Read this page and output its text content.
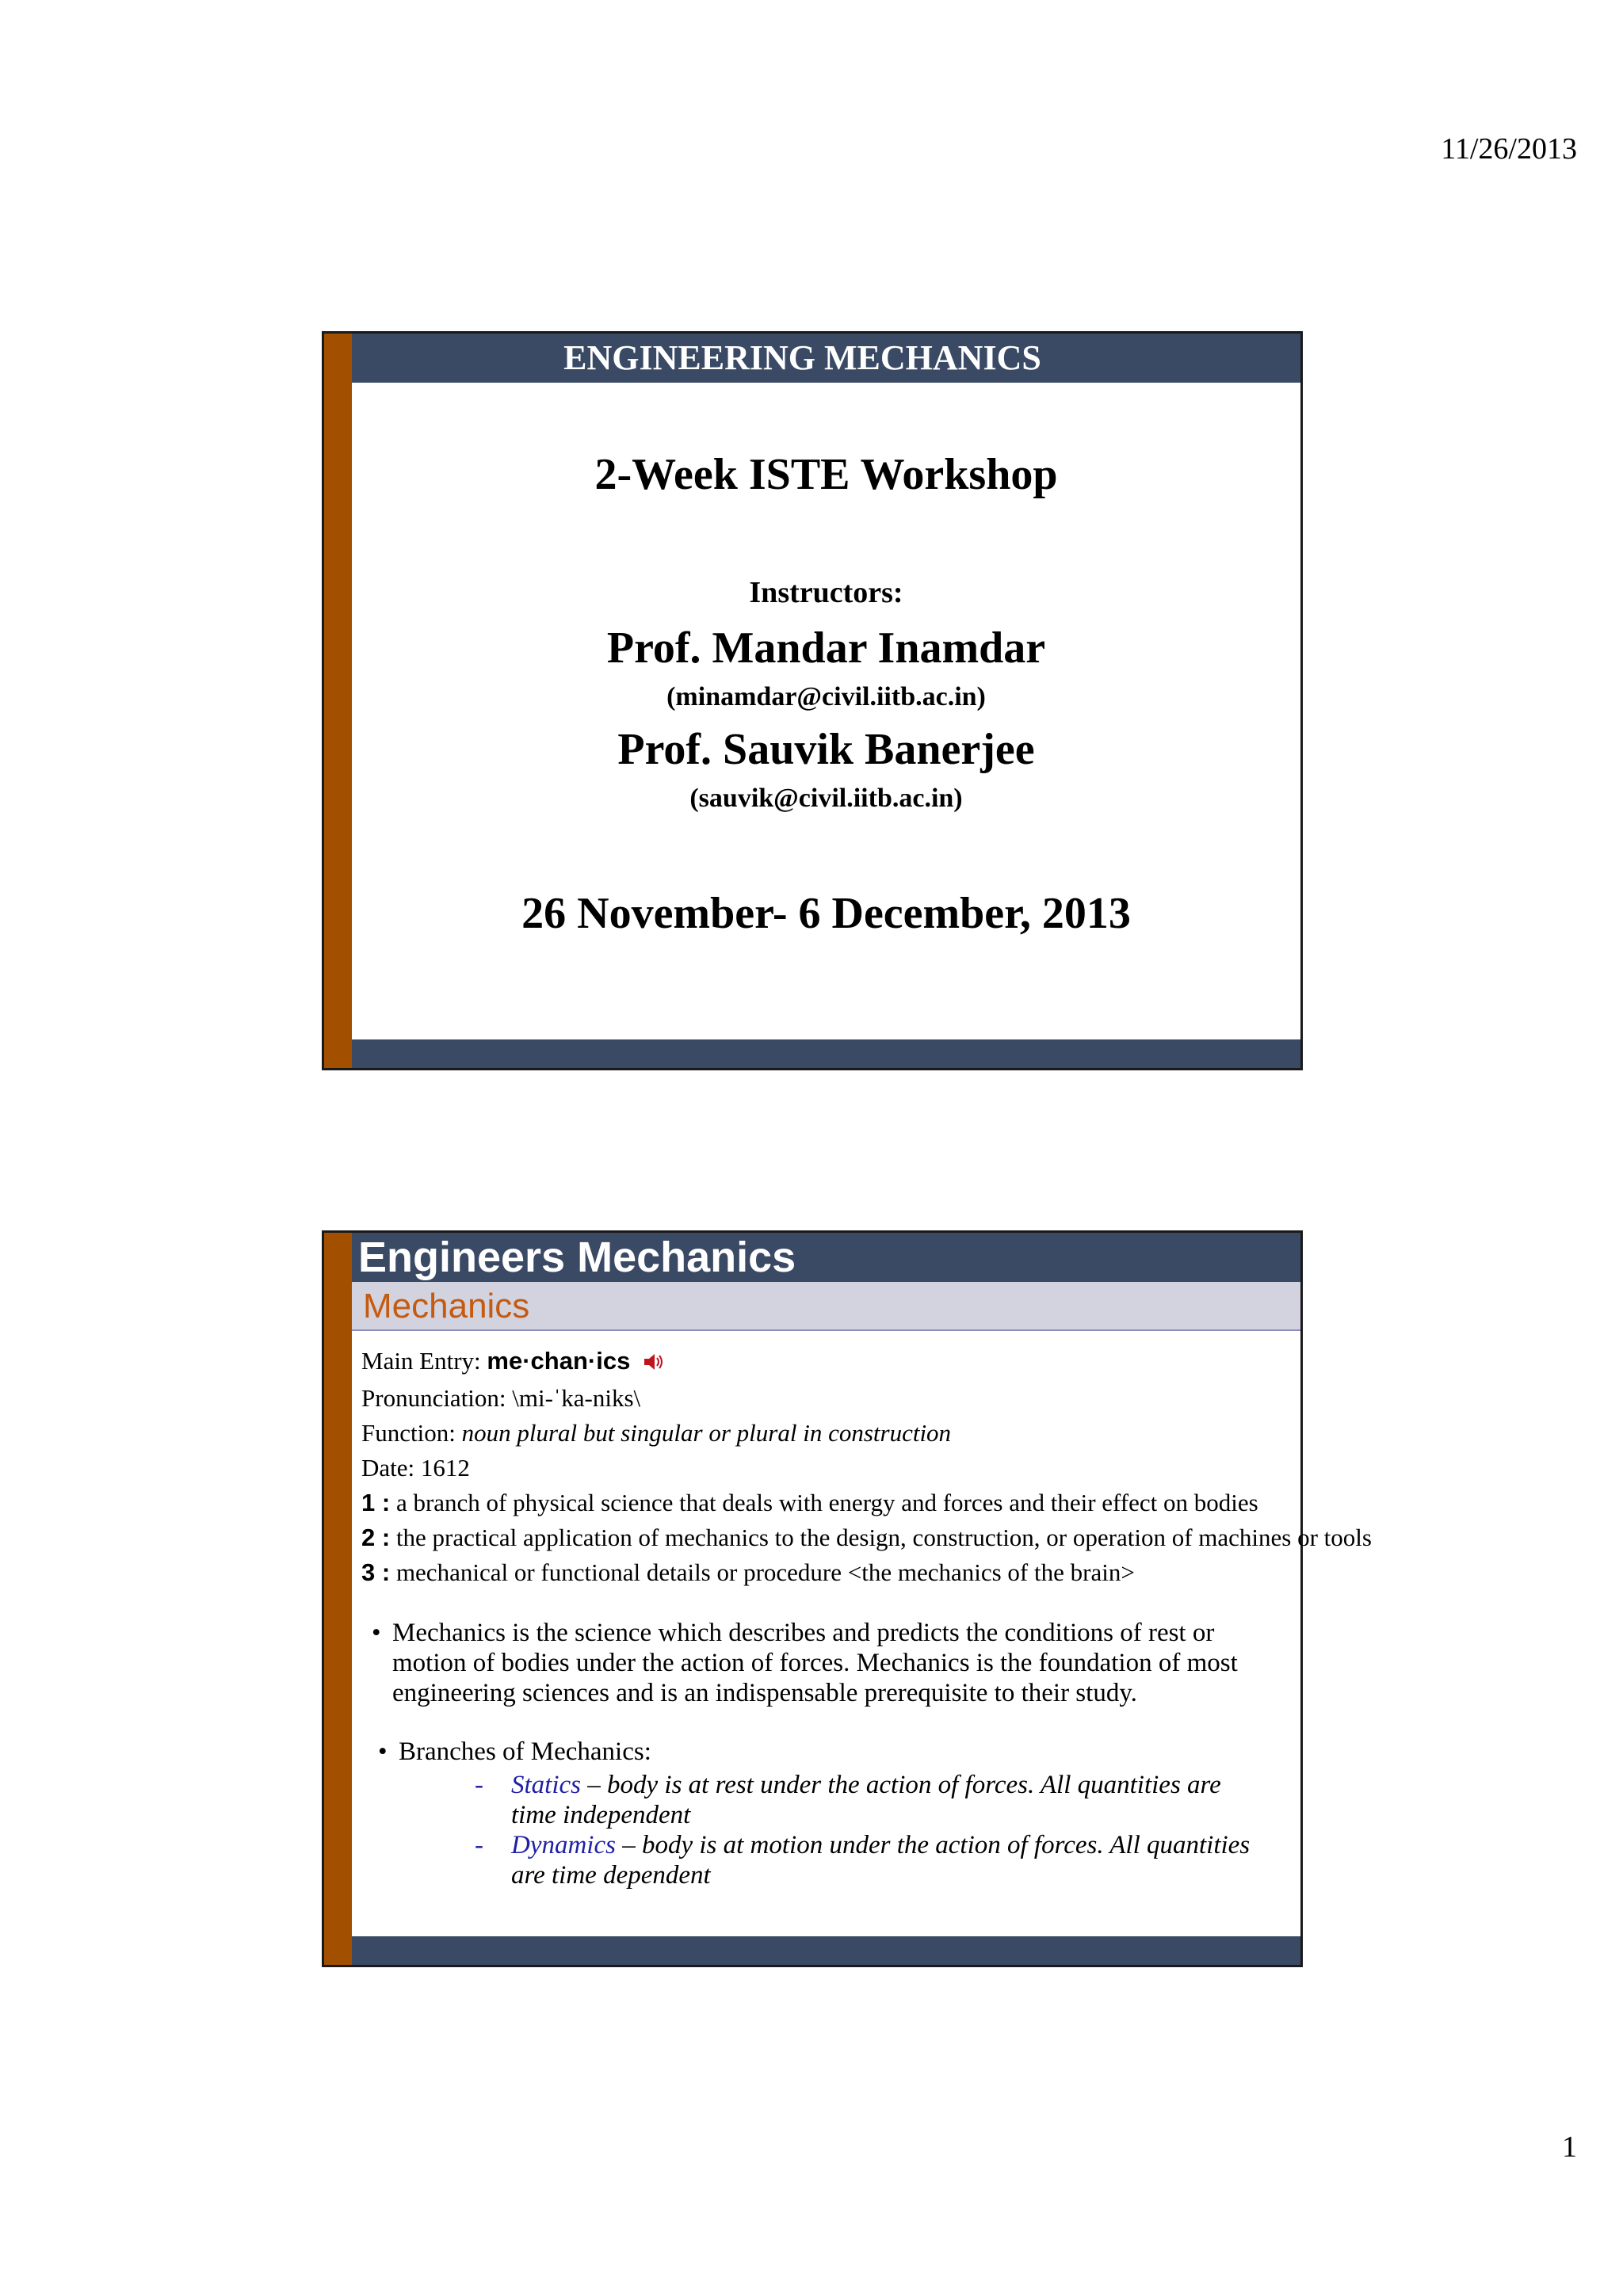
11/26/2013
ENGINEERING MECHANICS
2-Week ISTE Workshop
Instructors:
Prof. Mandar Inamdar
(minamdar@civil.iitb.ac.in)
Prof. Sauvik Banerjee
(sauvik@civil.iitb.ac.in)
26 November- 6 December, 2013
Engineers Mechanics
Mechanics
Main Entry: me·chan·ics
Pronunciation: \mi-ˈka-niks\
Function: noun plural but singular or plural in construction
Date: 1612
1 : a branch of physical science that deals with energy and forces and their effect on bodies
2 : the practical application of mechanics to the design, construction, or operation of machines or tools
3 : mechanical or functional details or procedure <the mechanics of the brain>
• Mechanics is the science which describes and predicts the conditions of rest or motion of bodies under the action of forces. Mechanics is the foundation of most engineering sciences and is an indispensable prerequisite to their study.
• Branches of Mechanics:
-	Statics – body is at rest under the action of forces. All quantities are time independent
-	Dynamics – body is at motion under the action of forces. All quantities are time dependent
1
